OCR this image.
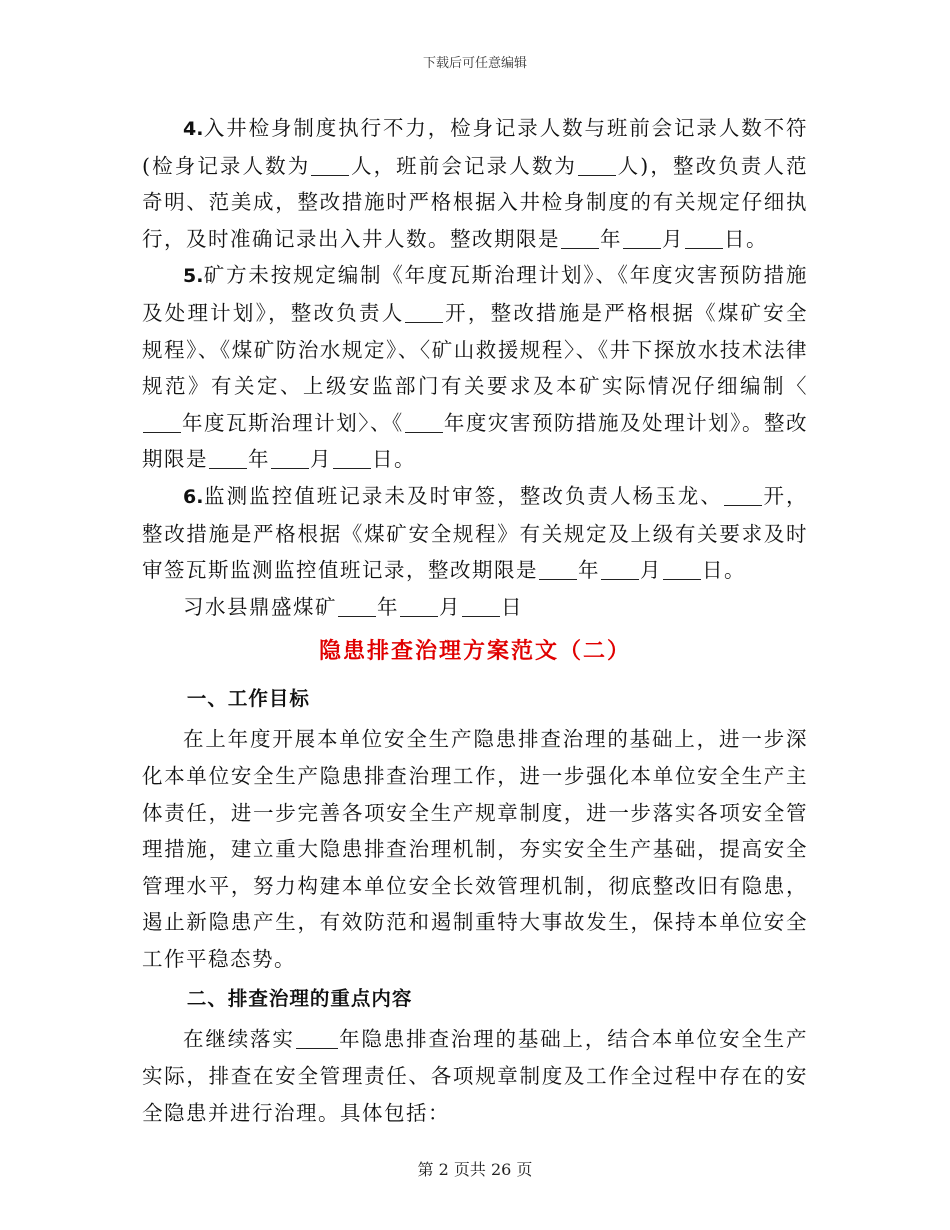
下载后可任意编辑

4.入井检身制度执行不力，检身记录人数与班前会记录人数不符(检身记录人数为 人，班前会记录人数为 人)，整改负责人范奇明、范美成，整改措施时严格根据入井检身制度的有关规定仔细执行，及时准确记录出入井人数。整改期限是 年 月 日。

5.矿方未按规定编制《年度瓦斯治理计划》、《年度灾害预防措施及处理计划》，整改负责人 开，整改措施是严格根据《煤矿安全规程》、《煤矿防治水规定》、〈矿山救援规程〉、《井下探放水技术法律规范》有关定、上级安监部门有关要求及本矿实际情况仔细编制〈年度瓦斯治理计划〉、《 年度灾害预防措施及处理计划》。整改期限是 年 月 日。

6.监测监控值班记录未及时审签，整改负责人杨玉龙、 开，整改措施是严格根据《煤矿安全规程》有关规定及上级有关要求及时审签瓦斯监测监控值班记录，整改期限是 年 月 日。

习水县鼎盛煤矿 年 月 日

隐患排查治理方案范文（二）

一、工作目标

在上年度开展本单位安全生产隐患排查治理的基础上，进一步深化本单位安全生产隐患排查治理工作，进一步强化本单位安全生产主体责任，进一步完善各项安全生产规章制度，进一步落实各项安全管理措施，建立重大隐患排查治理机制，夯实安全生产基础，提高安全管理水平，努力构建本单位安全长效管理机制，彻底整改旧有隐患，遏止新隐患产生，有效防范和遏制重特大事故发生，保持本单位安全工作平稳态势。

二、排查治理的重点内容

在继续落实 年隐患排查治理的基础上，结合本单位安全生产实际，排查在安全管理责任、各项规章制度及工作全过程中存在的安全隐患并进行治理。具体包括：

第 2 页共 26 页
